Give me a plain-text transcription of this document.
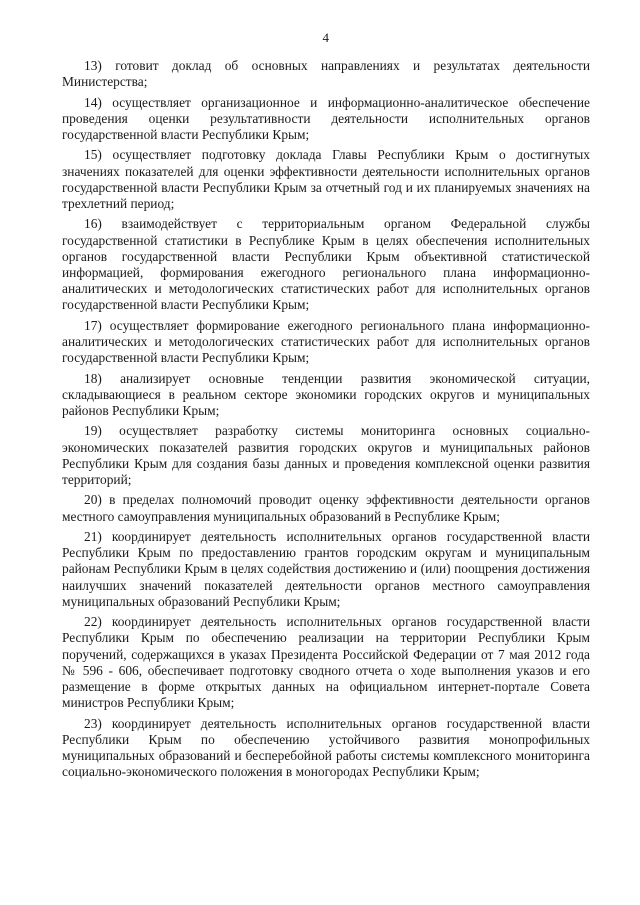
4

13) готовит доклад об основных направлениях и результатах деятельности Министерства;

14) осуществляет организационное и информационно-аналитическое обеспечение проведения оценки результативности деятельности исполнительных органов государственной власти Республики Крым;

15) осуществляет подготовку доклада Главы Республики Крым о достигнутых значениях показателей для оценки эффективности деятельности исполнительных органов государственной власти Республики Крым за отчетный год и их планируемых значениях на трехлетний период;

16) взаимодействует с территориальным органом Федеральной службы государственной статистики в Республике Крым в целях обеспечения исполнительных органов государственной власти Республики Крым объективной статистической информацией, формирования ежегодного регионального плана информационно-аналитических и методологических статистических работ для исполнительных органов государственной власти Республики Крым;

17) осуществляет формирование ежегодного регионального плана информационно-аналитических и методологических статистических работ для исполнительных органов государственной власти Республики Крым;

18) анализирует основные тенденции развития экономической ситуации, складывающиеся в реальном секторе экономики городских округов и муниципальных районов Республики Крым;

19) осуществляет разработку системы мониторинга основных социально-экономических показателей развития городских округов и муниципальных районов Республики Крым для создания базы данных и проведения комплексной оценки развития территорий;

20) в пределах полномочий проводит оценку эффективности деятельности органов местного самоуправления муниципальных образований в Республике Крым;

21) координирует деятельность исполнительных органов государственной власти Республики Крым по предоставлению грантов городским округам и муниципальным районам Республики Крым в целях содействия достижению и (или) поощрения достижения наилучших значений показателей деятельности органов местного самоуправления муниципальных образований Республики Крым;

22) координирует деятельность исполнительных органов государственной власти Республики Крым по обеспечению реализации на территории Республики Крым поручений, содержащихся в указах Президента Российской Федерации от 7 мая 2012 года № 596 - 606, обеспечивает подготовку сводного отчета о ходе выполнения указов и его размещение в форме открытых данных на официальном интернет-портале Совета министров Республики Крым;

23) координирует деятельность исполнительных органов государственной власти Республики Крым по обеспечению устойчивого развития монопрофильных муниципальных образований и бесперебойной работы системы комплексного мониторинга социально-экономического положения в моногородах Республики Крым;
